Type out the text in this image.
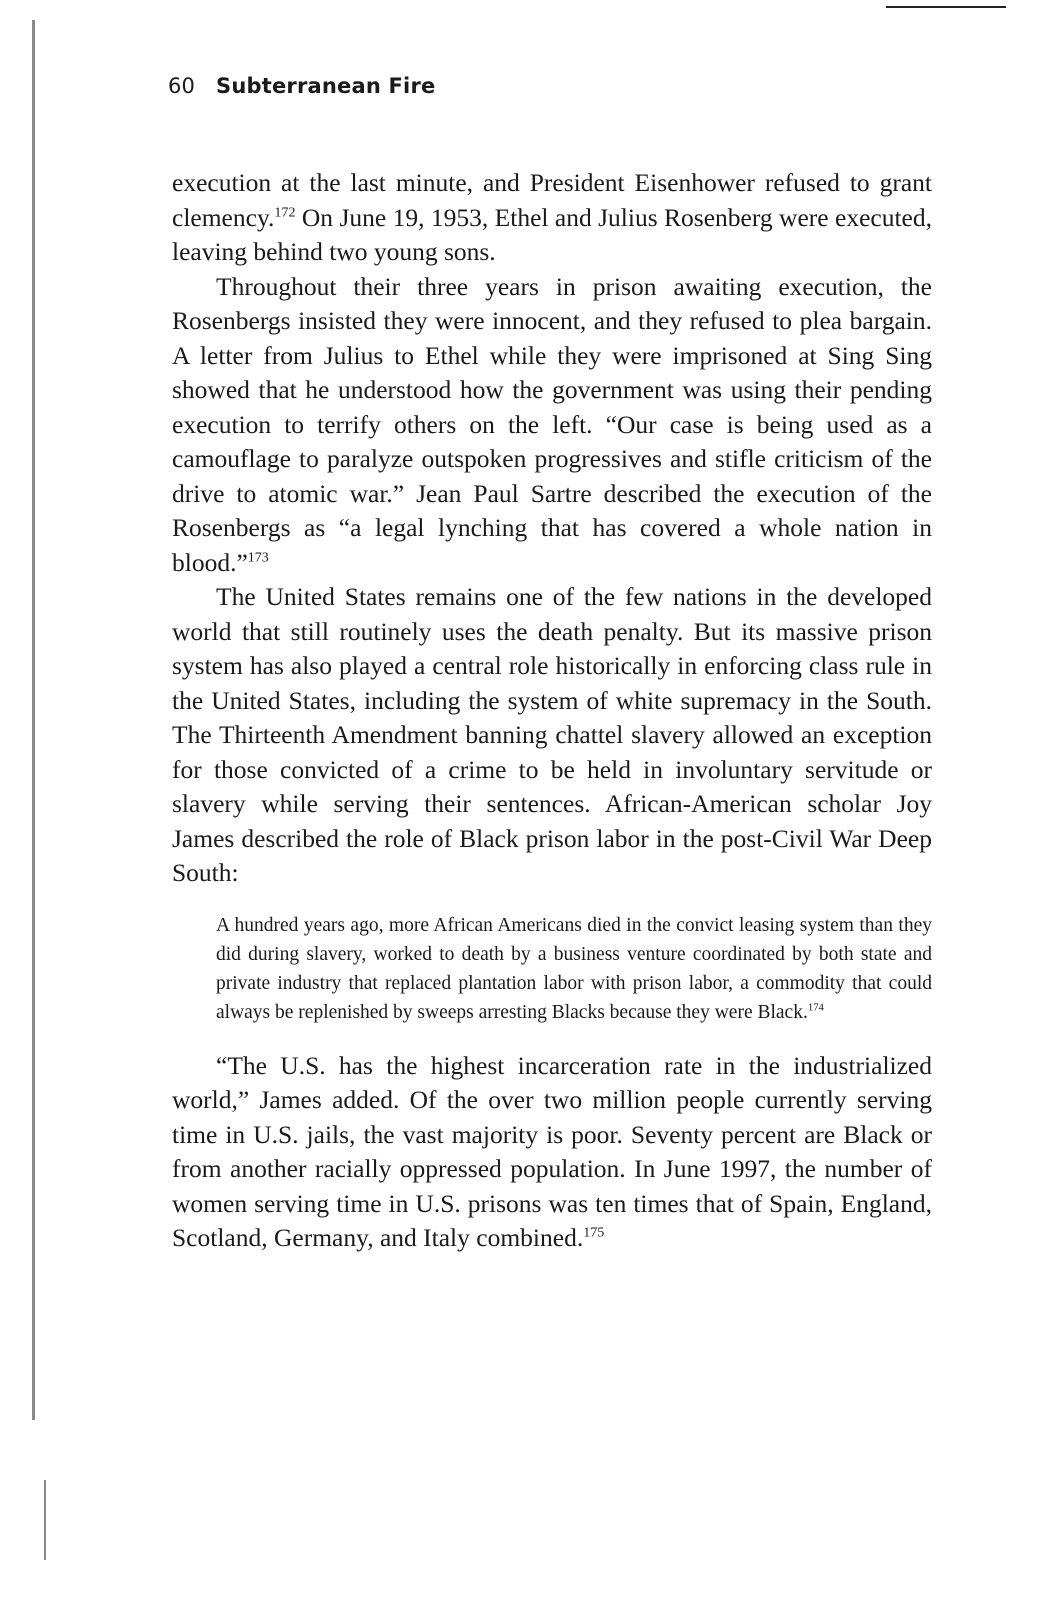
60 Subterranean Fire

execution at the last minute, and President Eisenhower refused to grant clemency.$^{172}$ On June 19, 1953, Ethel and Julius Rosenberg were executed, leaving behind two young sons.

Throughout their three years in prison awaiting execution, the Rosenbergs insisted they were innocent, and they refused to plea bargain. A letter from Julius to Ethel while they were imprisoned at Sing Sing showed that he understood how the government was using their pending execution to terrify others on the left. “Our case is being used as a camouflage to paralyze outspoken progressives and stifle criticism of the drive to atomic war.” Jean Paul Sartre described the execution of the Rosenbergs as “a legal lynching that has covered a whole nation in blood.”$^{173}$

The United States remains one of the few nations in the developed world that still routinely uses the death penalty. But its massive prison system has also played a central role historically in enforcing class rule in the United States, including the system of white supremacy in the South. The Thirteenth Amendment banning chattel slavery allowed an exception for those convicted of a crime to be held in involuntary servitude or slavery while serving their sentences. African-American scholar Joy James described the role of Black prison labor in the post-Civil War Deep South:

A hundred years ago, more African Americans died in the convict leasing system than they did during slavery, worked to death by a business venture coordinated by both state and private industry that replaced plantation labor with prison labor, a commodity that could always be replenished by sweeps arresting Blacks because they were Black.$^{174}$

“The U.S. has the highest incarceration rate in the industrialized world,” James added. Of the over two million people currently serving time in U.S. jails, the vast majority is poor. Seventy percent are Black or from another racially oppressed population. In June 1997, the number of women serving time in U.S. prisons was ten times that of Spain, England, Scotland, Germany, and Italy combined.$^{175}$
